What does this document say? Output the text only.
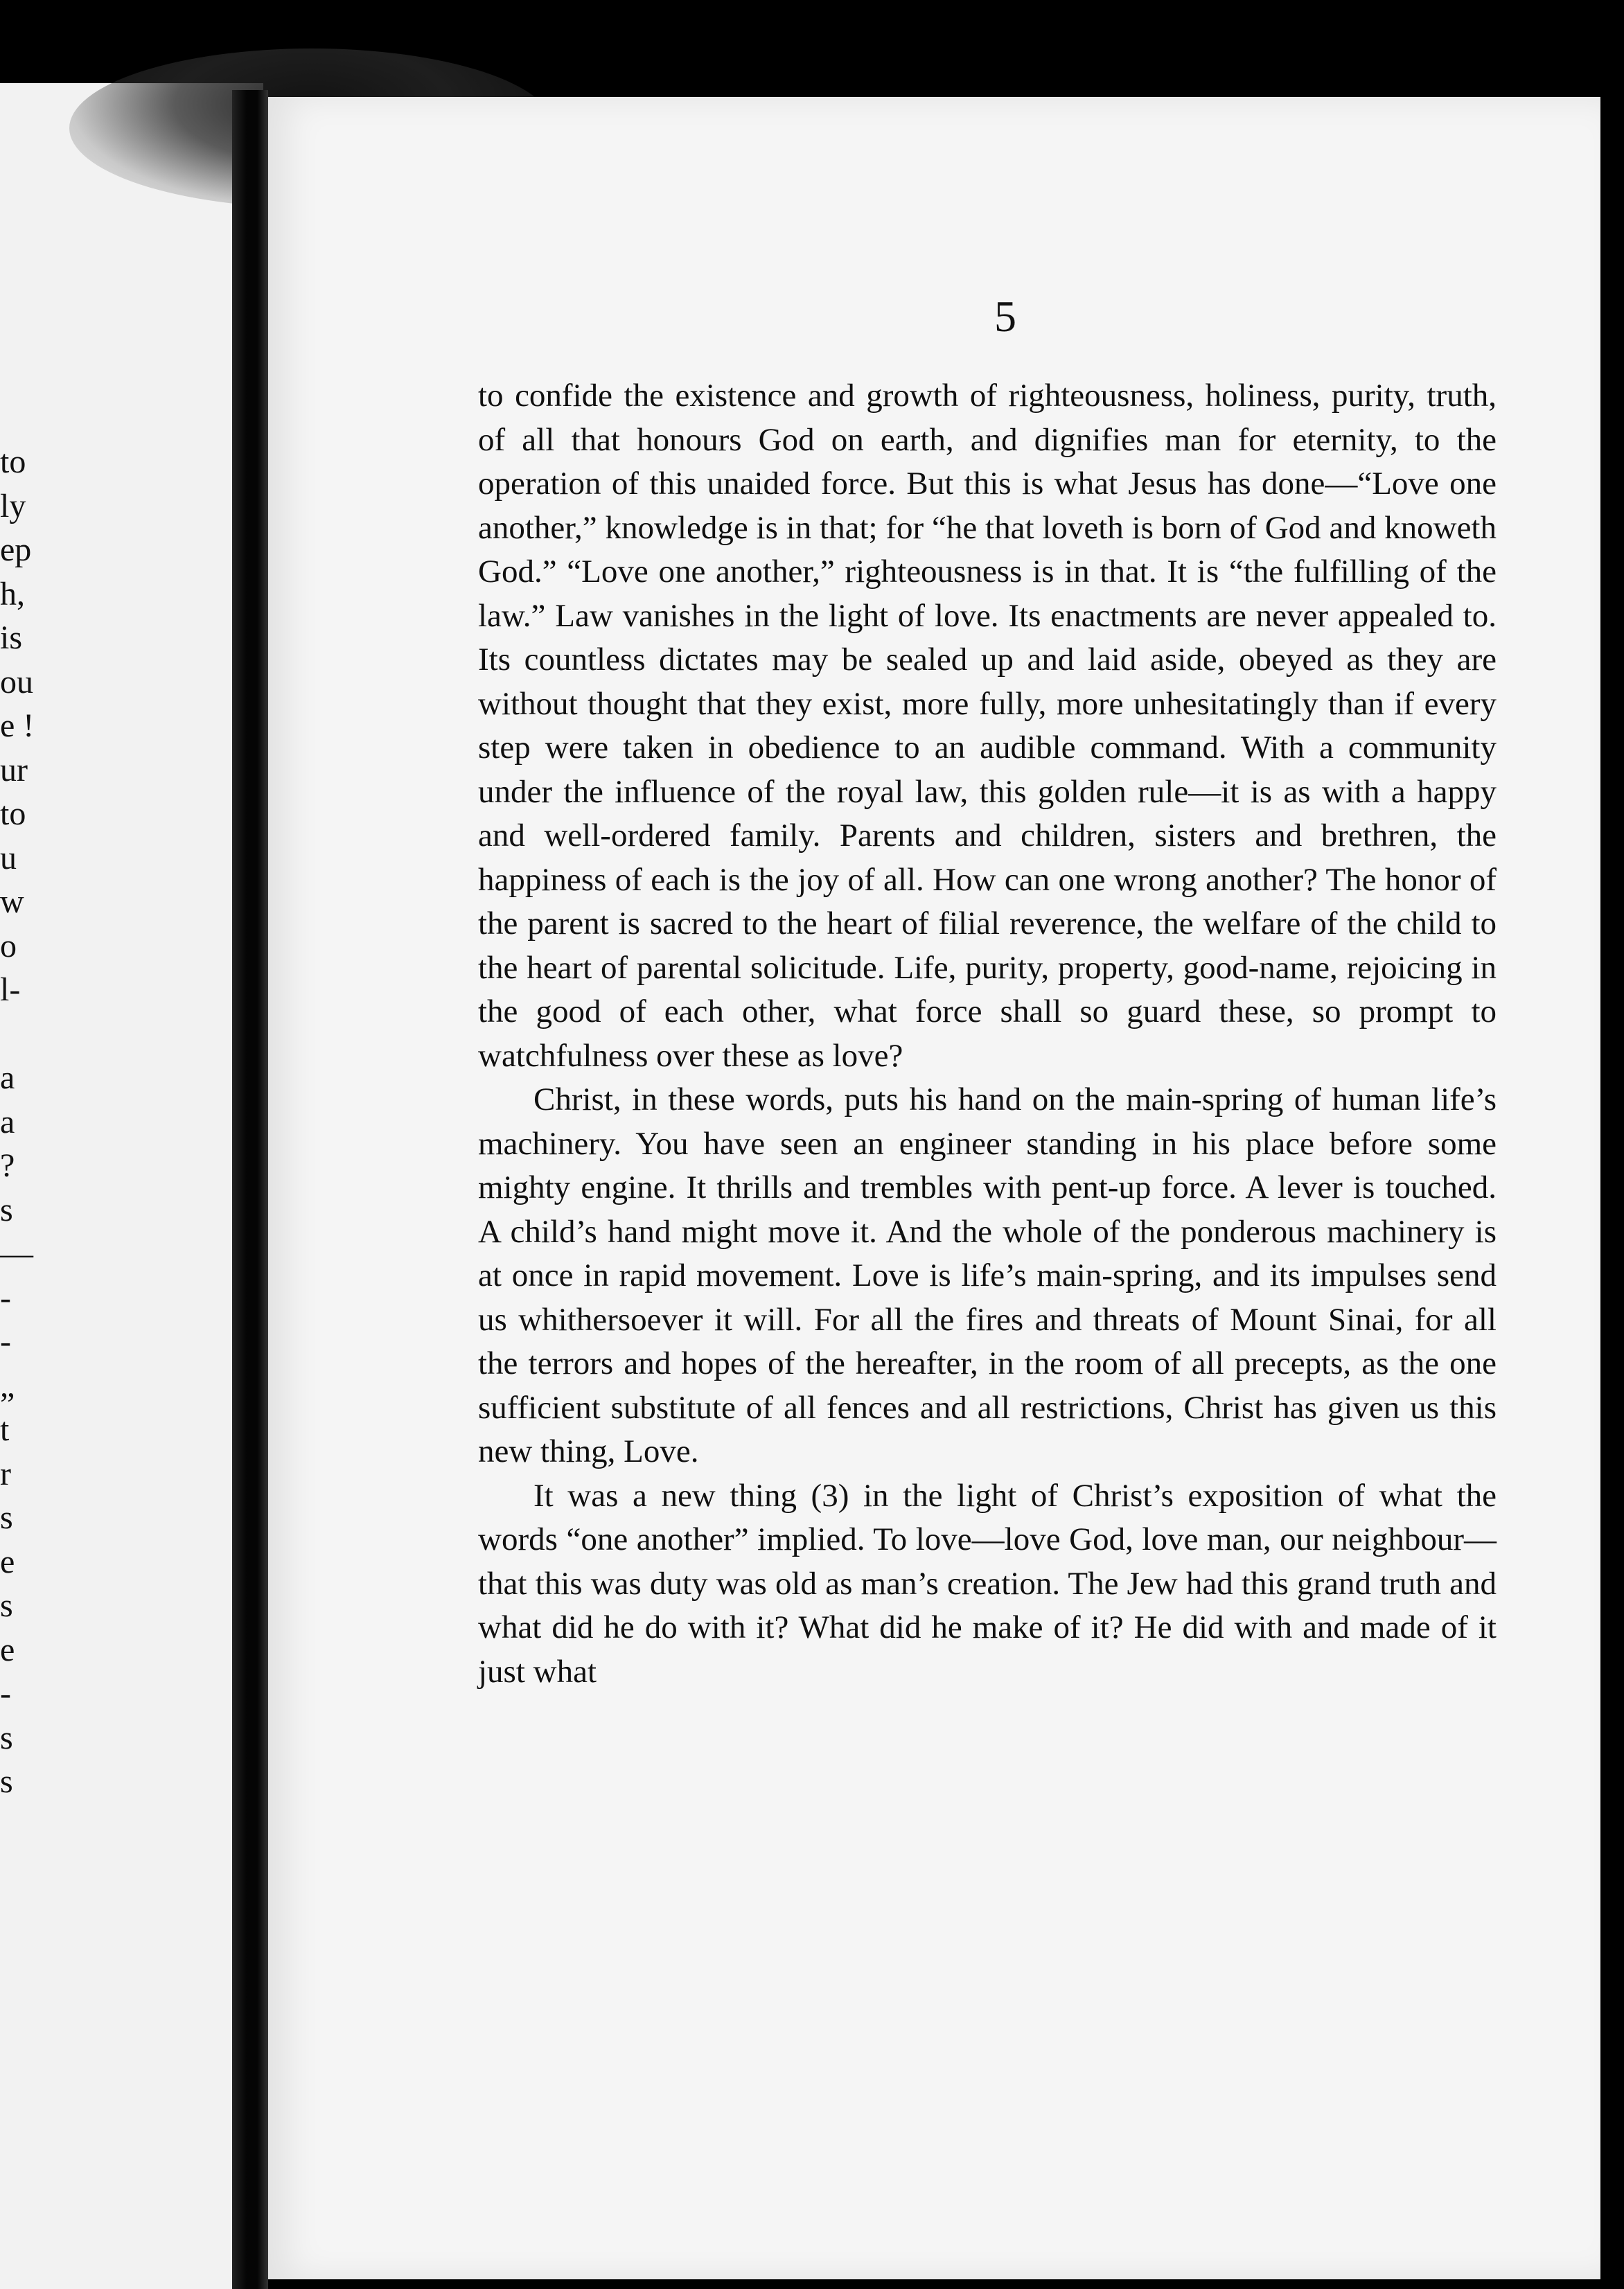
to
ly
ep
h,
is
ou
e !
ur
to
u
w
o
l-
a
a
?
s
—
-
-
„
t
r
s
e
s
e
-
s
s
5

to confide the existence and growth of righteousness, holiness, purity, truth, of all that honours God on earth, and dignifies man for eternity, to the operation of this unaided force. But this is what Jesus has done—“Love one another,” knowledge is in that; for “he that loveth is born of God and knoweth God.” “Love one another,” righteousness is in that. It is “the fulfilling of the law.” Law vanishes in the light of love. Its enactments are never appealed to. Its countless dictates may be sealed up and laid aside, obeyed as they are without thought that they exist, more fully, more unhesitatingly than if every step were taken in obedience to an audible command. With a community under the influence of the royal law, this golden rule—it is as with a happy and well-ordered family. Parents and children, sisters and brethren, the happiness of each is the joy of all. How can one wrong another? The honor of the parent is sacred to the heart of filial reverence, the welfare of the child to the heart of parental solicitude. Life, purity, property, good-name, rejoicing in the good of each other, what force shall so guard these, so prompt to watchfulness over these as love?

Christ, in these words, puts his hand on the main-spring of human life’s machinery. You have seen an engineer standing in his place before some mighty engine. It thrills and trembles with pent-up force. A lever is touched. A child’s hand might move it. And the whole of the ponderous machinery is at once in rapid movement. Love is life’s main-spring, and its impulses send us whithersoever it will. For all the fires and threats of Mount Sinai, for all the terrors and hopes of the hereafter, in the room of all precepts, as the one sufficient substitute of all fences and all restrictions, Christ has given us this new thing, Love.

It was a new thing (3) in the light of Christ’s exposition of what the words “one another” implied. To love—love God, love man, our neighbour—that this was duty was old as man’s creation. The Jew had this grand truth and what did he do with it? What did he make of it? He did with and made of it just what
